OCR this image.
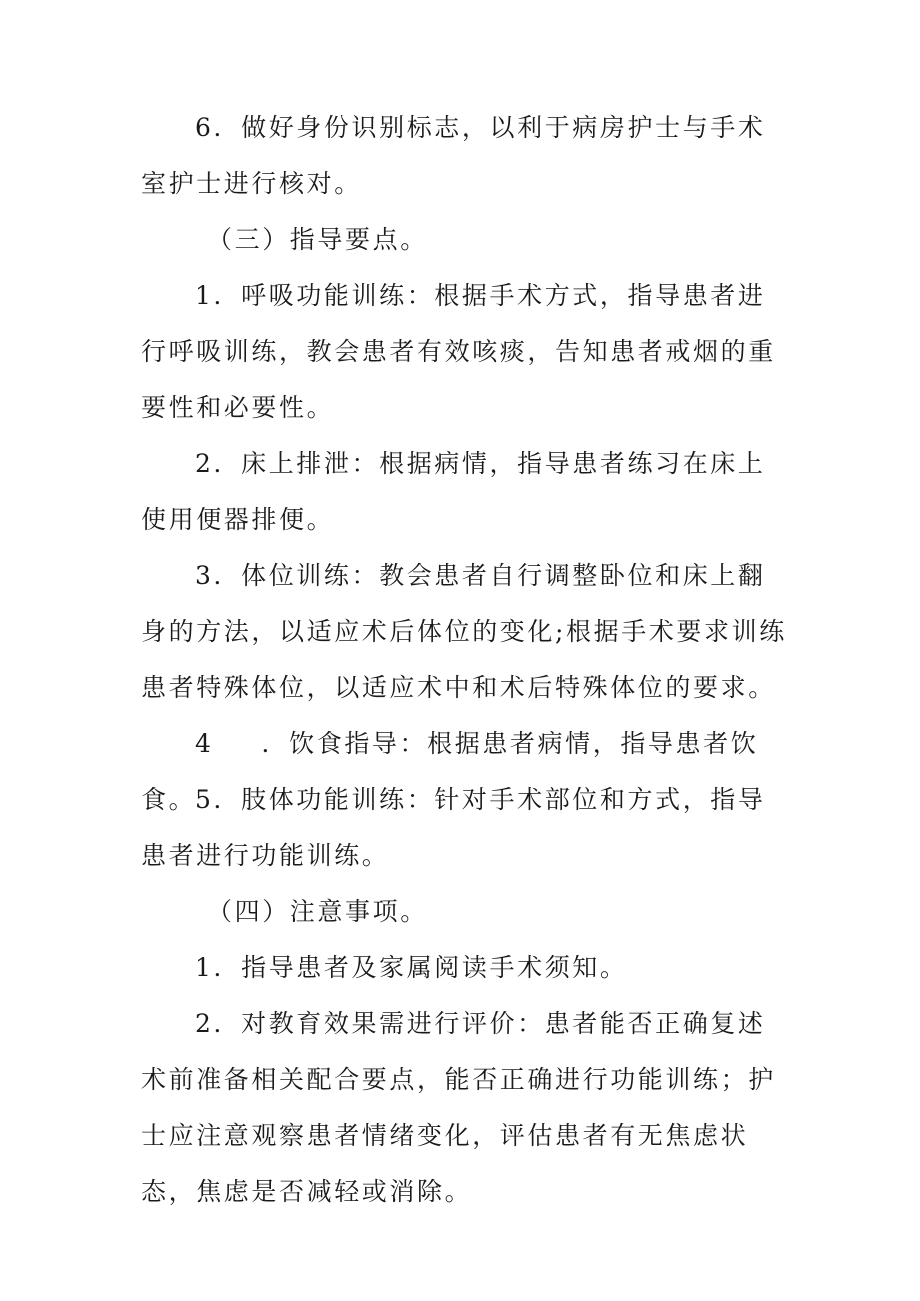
6．做好身份识别标志，以利于病房护士与手术室护士进行核对。

（三）指导要点。

1．呼吸功能训练：根据手术方式，指导患者进行呼吸训练，教会患者有效咳痰，告知患者戒烟的重要性和必要性。

2．床上排泄：根据病情，指导患者练习在床上使用便器排便。

3．体位训练：教会患者自行调整卧位和床上翻身的方法，以适应术后体位的变化;根据手术要求训练患者特殊体位，以适应术中和术后特殊体位的要求。

4 ．饮食指导：根据患者病情，指导患者饮食。

5．肢体功能训练：针对手术部位和方式，指导患者进行功能训练。

（四）注意事项。

1．指导患者及家属阅读手术须知。

2．对教育效果需进行评价：患者能否正确复述术前准备相关配合要点，能否正确进行功能训练；护士应注意观察患者情绪变化，评估患者有无焦虑状态，焦虑是否减轻或消除。
